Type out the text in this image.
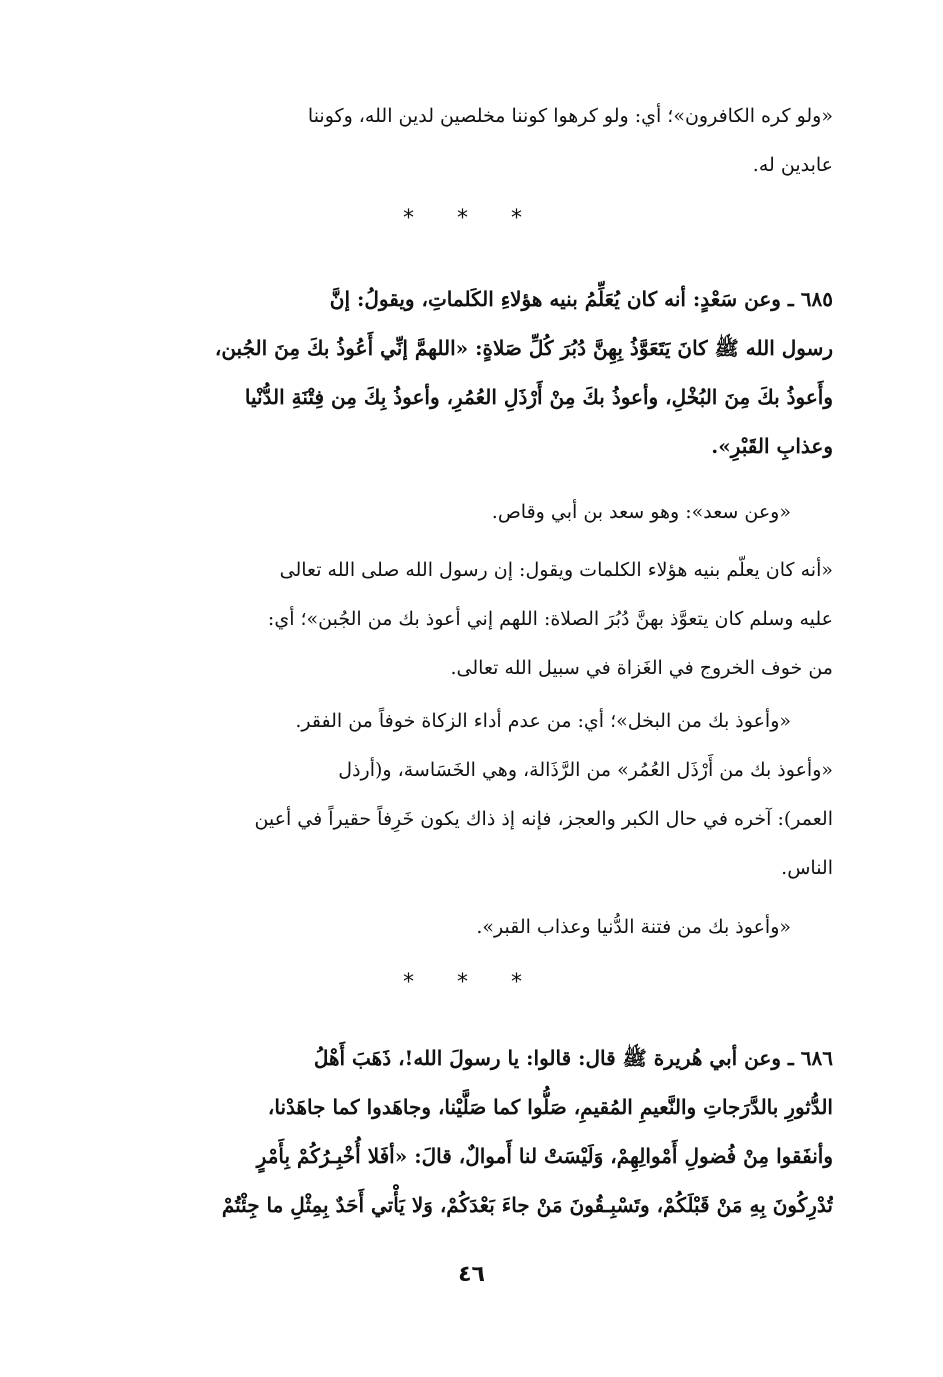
«ولو كره الكافرون»؛ أي: ولو كرهوا كوننا مخلصين لدين الله، وكوننا
عابدين له.
* * *
٦٨٥ ـ وعن سَعْدٍ: أنه كان يُعَلِّمُ بنيه هؤلاءِ الكَلماتِ، ويقولُ: إنَّ
رسول الله ﷺ كانَ يَتَعَوَّذُ بِهِنَّ دُبُرَ كُلِّ صَلاةٍ: «اللهمَّ إنِّي أَعُوذُ بكَ مِنَ الجُبن،
وأَعوذُ بكَ مِنَ البُخْلِ، وأعوذُ بكَ مِنْ أَرْذَلِ العُمُرِ، وأعوذُ بِكَ مِن فِتْنَةِ الدُّنْيا
وعذابِ القَبْرِ».
«وعن سعد»: وهو سعد بن أبي وقاص.
«أنه كان يعلّم بنيه هؤلاء الكلمات ويقول: إن رسول الله صلى الله تعالى
عليه وسلم كان يتعوَّذ بهنَّ دُبُرَ الصلاة: اللهم إني أعوذ بك من الجُبن»؛ أي:
من خوف الخروج في الغَزاة في سبيل الله تعالى.
«وأعوذ بك من البخل»؛ أي: من عدم أداء الزكاة خوفاً من الفقر.
«وأعوذ بك من أَرْذَل العُمُر» من الرَّذَالة، وهي الخَسَاسة، و(أرذل
العمر): آخره في حال الكبر والعجز، فإنه إذ ذاك يكون خَرِفاً حقيراً في أعين
الناس.
«وأعوذ بك من فتنة الدُّنيا وعذاب القبر».
* * *
٦٨٦ ـ وعن أبي هُريرة ﷺ قال: قالوا: يا رسولَ الله!، ذَهَبَ أَهْلُ
الدُّثورِ بالدَّرَجاتِ والنَّعيمِ المُقيمِ، صَلُّوا كما صَلَّيْنا، وجاهَدوا كما جاهَدْنا،
وأنفَقوا مِنْ فُضولِ أَمْوالِهِمْ، وَلَيْسَتْ لنا أَموالٌ، قالَ: «أفَلا أُخْبِـرُكُمْ بِأَمْرٍ
تُدْرِكُونَ بِهِ مَنْ قَبْلَكُمْ، وتَسْبِـقُونَ مَنْ جاءَ بَعْدَكُمْ، وَلا يَأْتي أَحَدٌ بِمِثْلِ ما جِئْتُمْ
٤٦
